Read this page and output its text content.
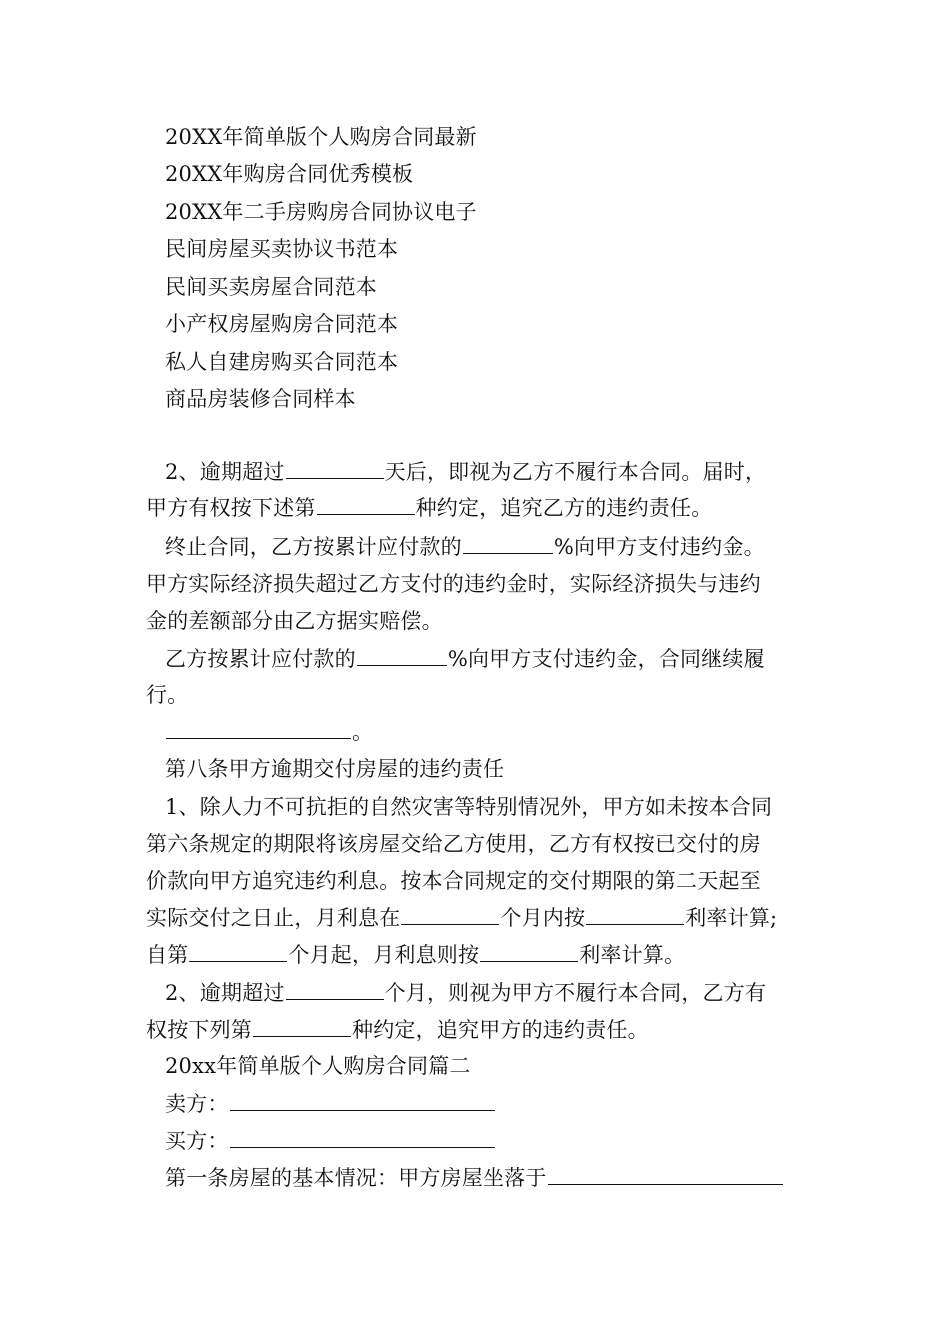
20XX年简单版个人购房合同最新
20XX年购房合同优秀模板
20XX年二手房购房合同协议电子
民间房屋买卖协议书范本
民间买卖房屋合同范本
小产权房屋购房合同范本
私人自建房购买合同范本
商品房装修合同样本
2、逾期超过	天后，即视为乙方不履行本合同。届时，
甲方有权按下述第	种约定，追究乙方的违约责任。
终止合同，乙方按累计应付款的	%向甲方支付违约金。
甲方实际经济损失超过乙方支付的违约金时，实际经济损失与违约
金的差额部分由乙方据实赔偿。
乙方按累计应付款的	%向甲方支付违约金，合同继续履
行。
。
第八条甲方逾期交付房屋的违约责任
1、除人力不可抗拒的自然灾害等特别情况外，甲方如未按本合同
第六条规定的期限将该房屋交给乙方使用，乙方有权按已交付的房
价款向甲方追究违约利息。按本合同规定的交付期限的第二天起至
实际交付之日止，月利息在	个月内按	利率计算;
自第	个月起，月利息则按	利率计算。
2、逾期超过	个月，则视为甲方不履行本合同，乙方有
权按下列第	种约定，追究甲方的违约责任。
20xx年简单版个人购房合同篇二
卖方：
买方：
第一条房屋的基本情况：甲方房屋坐落于
